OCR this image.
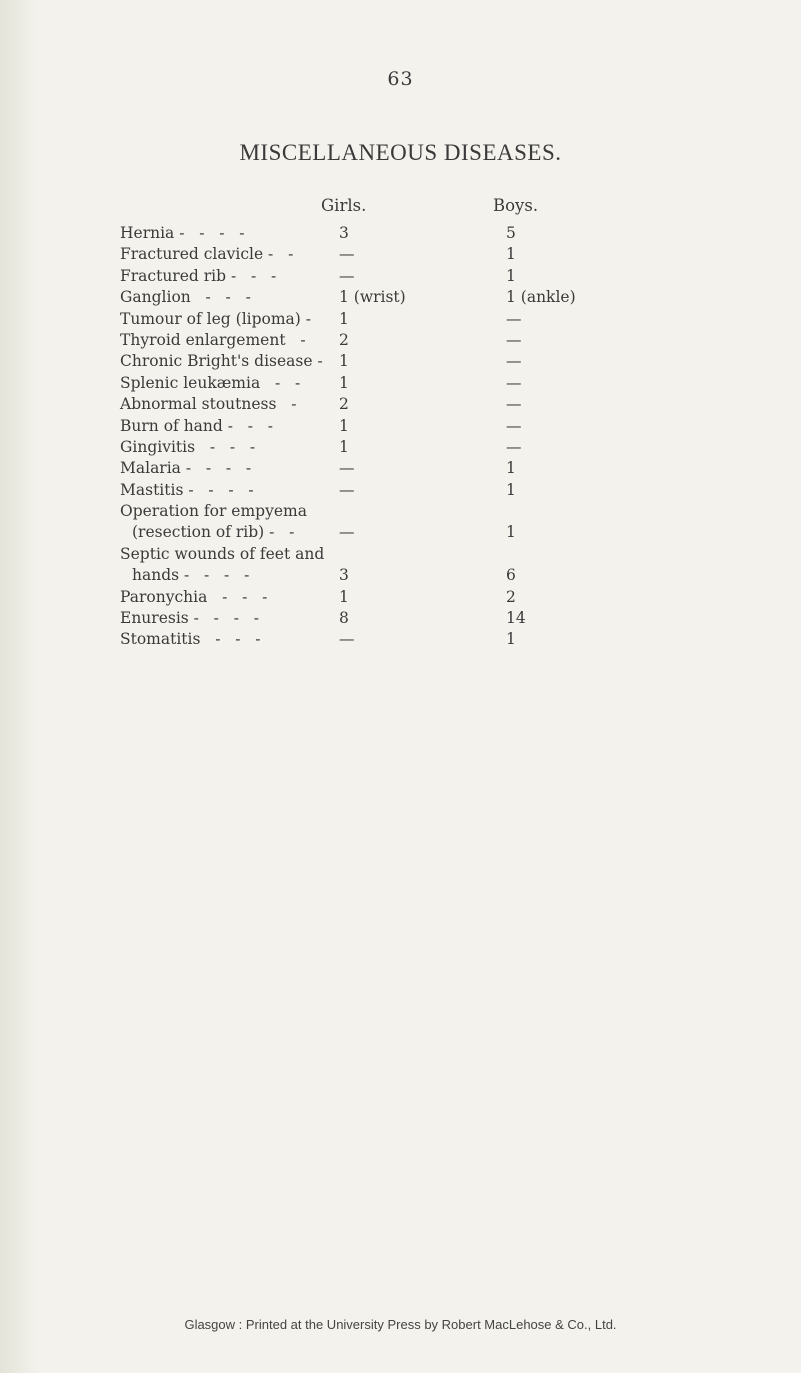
63
MISCELLANEOUS DISEASES.
Girls.	Boys.
Hernia -   -   -   -	3	5
Fractured clavicle -   -	—	1
Fractured rib -   -   -	—	1
Ganglion   -   -   -	1 (wrist)	1 (ankle)
Tumour of leg (lipoma) - 1	—
Thyroid enlargement   - 2	—
Chronic Bright's disease - 1	—
Splenic leukæmia   -   -	1	—
Abnormal stoutness   -	2	—
Burn of hand -   -   -	1	—
Gingivitis   -   -   -	1	—
Malaria -   -   -   -	—	1
Mastitis -   -   -   -	—	1
Operation for empyema
(resection of rib) -   -	—	1
Septic wounds of feet and
hands -   -   -   -	3	6
Paronychia   -   -   -	1	2
Enuresis -   -   -   -	8	14
Stomatitis   -   -   -	—	1
Glasgow : Printed at the University Press by Robert MacLehose & Co., Ltd.
